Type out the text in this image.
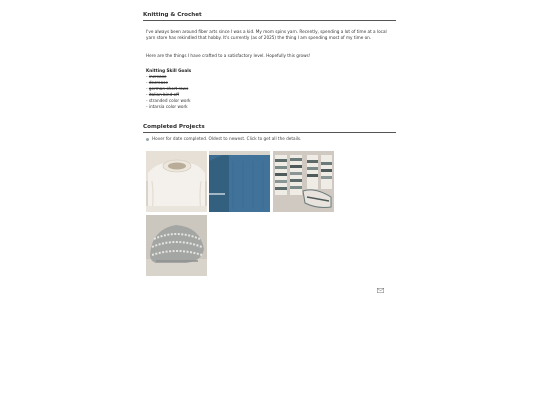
Knitting & Crochet

I've always been around fiber arts since I was a kid. My mom spins yarn. Recently, spending a lot of time at a local yarn store has rekindled that hobby. It's currently (as of 2025) the thing I am spending most of my time on.

Here are the things I have crafted to a satisfactory level. Hopefully this grows!

Knitting Skill Goals
- increase
- decrease
- german short rows
- italian bind off
- stranded color work
- intarsia color work
Completed Projects
Hover for date completed. Oldest to newest. Click to get all the details.
